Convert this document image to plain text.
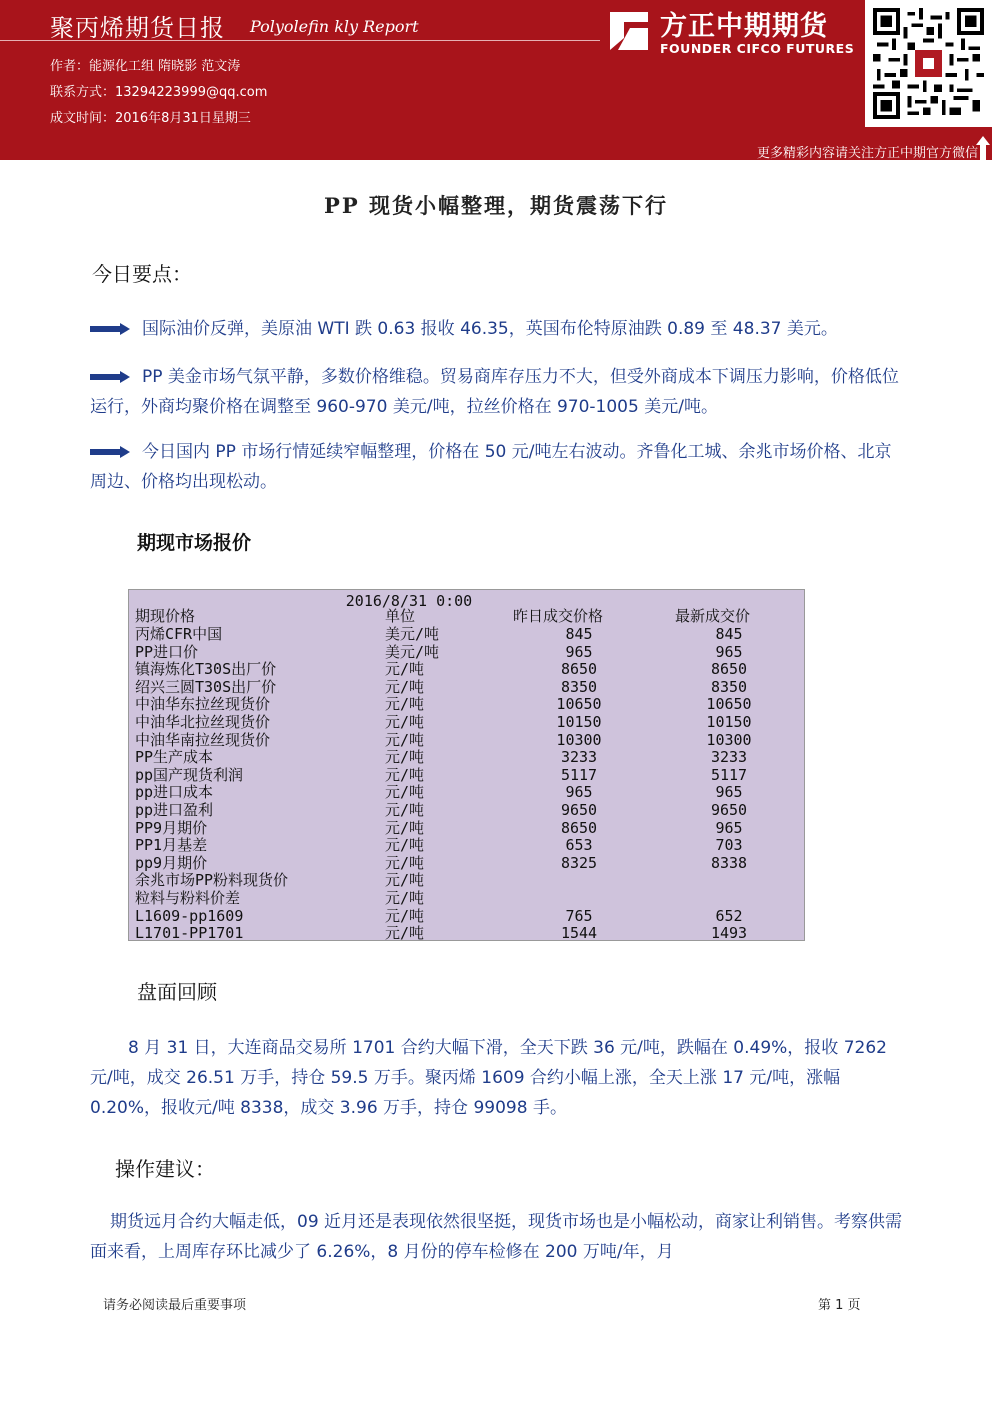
聚丙烯期货日报 Polyolefin kly Report
作者：能源化工组 隋晓影 范文涛
联系方式：13294223999@qq.com
成文时间：2016年8月31日星期三
方正中期期货
FOUNDER CIFCO FUTURES
更多精彩内容请关注方正中期官方微信
PP 现货小幅整理，期货震荡下行
今日要点：
国际油价反弹，美原油 WTI 跌 0.63 报收 46.35，英国布伦特原油跌 0.89 至 48.37 美元。
PP 美金市场气氛平静，多数价格维稳。贸易商库存压力不大，但受外商成本下调压力影响，价格低位运行，外商均聚价格在调整至 960-970 美元/吨，拉丝价格在 970-1005 美元/吨。
今日国内 PP 市场行情延续窄幅整理，价格在 50 元/吨左右波动。齐鲁化工城、余兆市场价格、北京周边、价格均出现松动。
期现市场报价
2016/8/31 0:00
期现价格	单位	昨日成交价格	最新成交价
丙烯CFR中国	美元/吨	845	845
PP进口价	美元/吨	965	965
镇海炼化T30S出厂价	元/吨	8650	8650
绍兴三圆T30S出厂价	元/吨	8350	8350
中油华东拉丝现货价	元/吨	10650	10650
中油华北拉丝现货价	元/吨	10150	10150
中油华南拉丝现货价	元/吨	10300	10300
PP生产成本	元/吨	3233	3233
pp国产现货利润	元/吨	5117	5117
pp进口成本	元/吨	965	965
pp进口盈利	元/吨	9650	9650
PP9月期价	元/吨	8650	965
PP1月基差	元/吨	653	703
pp9月期价	元/吨	8325	8338
余兆市场PP粉料现货价	元/吨
粒料与粉料价差	元/吨
L1609-pp1609	元/吨	765	652
L1701-PP1701	元/吨	1544	1493
盘面回顾
8 月 31 日，大连商品交易所 1701 合约大幅下滑，全天下跌 36 元/吨，跌幅在 0.49%，报收 7262 元/吨，成交 26.51 万手，持仓 59.5 万手。聚丙烯 1609 合约小幅上涨，全天上涨 17 元/吨，涨幅 0.20%，报收元/吨 8338，成交 3.96 万手，持仓 99098 手。
操作建议：
期货远月合约大幅走低，09 近月还是表现依然很坚挺，现货市场也是小幅松动，商家让利销售。考察供需面来看，上周库存环比减少了 6.26%，8 月份的停车检修在 200 万吨/年，月
请务必阅读最后重要事项	第 1 页
